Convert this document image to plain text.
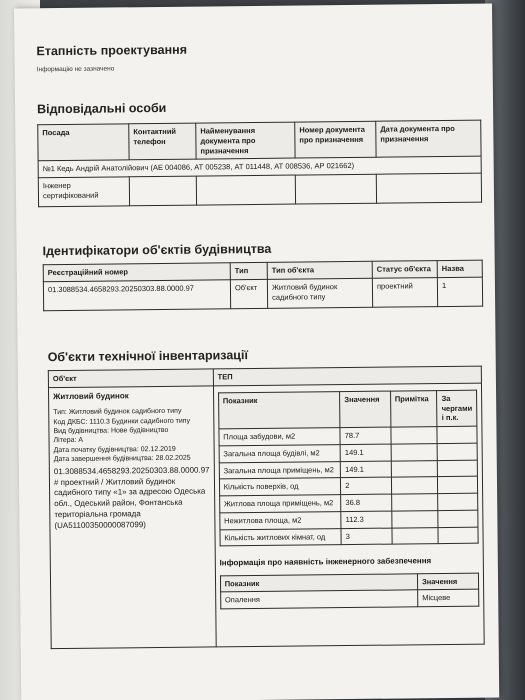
Етапність проектування
Інформацію не зазначено
Відповідальні особи
Посада	Контактний телефон	Найменування документа про призначення	Номер документа про призначення	Дата документа про призначення
№1 Кедь Андрій Анатолійович (АЕ 004086, АТ 005238, АТ 011448, АТ 008536, АР 021662)				
Інженер сертифікований				
Ідентифікатори об'єктів будівництва
Реєстраційний номер	Тип	Тип об'єкта	Статус об'єкта	Назва
01.3088534.4658293.20250303.88.0000.97	Об'єкт	Житловий будинок садибного типу	проектний	1
Об'єкти технічної інвентаризації
Об'єкт	ТЕП

Житловий будинок
Тип: Житловий будинок садибного типу
Код ДКБС: 1110.3 Будинки садибного типу
Вид будівництва: Нове будівництво
Літера: А
Дата початку будівництва: 02.12.2019
Дата завершення будівництва: 28.02.2025
01.3088534.4658293.20250303.88.0000.97 # проектний / Житловий будинок садибного типу «1» за адресою Одеська обл., Одеський район, Фонтанська територіальна громада (UA51100350000087099)

Показник	Значення	Примітка	За чергами і п.к.
Площа забудови, м2	78.7		
Загальна площа будівлі, м2	149.1		
Загальна площа приміщень, м2	149.1		
Кількість поверхів, од	2		
Житлова площа приміщень, м2	36.8		
Нежитлова площа, м2	112.3		
Кількість житлових кімнат, од	3		
Інформація про наявність інженерного забезпечення
Показник	Значення
Опалення	Місцеве
